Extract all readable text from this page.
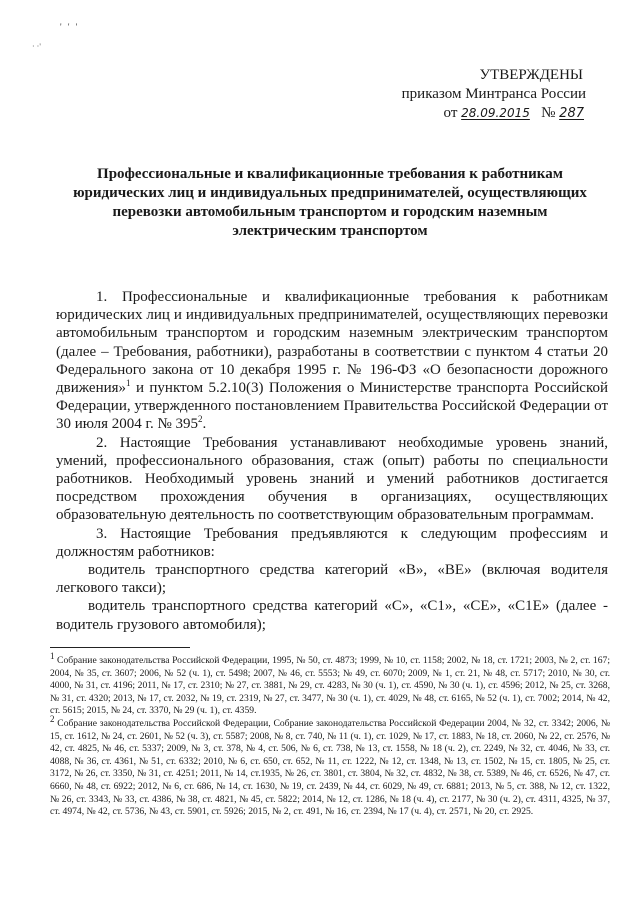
' ' '
· ·'
УТВЕРЖДЕНЫ
приказом Минтранса России
от 28.09.2015 № 287
Профессиональные и квалификационные требования к работникам юридических лиц и индивидуальных предпринимателей, осуществляющих перевозки автомобильным транспортом и городским наземным электрическим транспортом

1. Профессиональные и квалификационные требования к работникам юридических лиц и индивидуальных предпринимателей, осуществляющих перевозки автомобильным транспортом и городским наземным электрическим транспортом (далее – Требования, работники), разработаны в соответствии с пунктом 4 статьи 20 Федерального закона от 10 декабря 1995 г. № 196-ФЗ «О безопасности дорожного движения»$^1$ и пунктом 5.2.10(3) Положения о Министерстве транспорта Российской Федерации, утвержденного постановлением Правительства Российской Федерации от 30 июля 2004 г. № $395^2$.

2. Настоящие Требования устанавливают необходимые уровень знаний, умений, профессионального образования, стаж (опыт) работы по специальности работников. Необходимый уровень знаний и умений работников достигается посредством прохождения обучения в организациях, осуществляющих образовательную деятельность по соответствующим образовательным программам.

3. Настоящие Требования предъявляются к следующим профессиям и должностям работников:

водитель транспортного средства категорий «B», «BE» (включая водителя легкового такси);

водитель транспортного средства категорий «C», «C1», «CE», «C1E» (далее - водитель грузового автомобиля);

$^1$ Собрание законодательства Российской Федерации, 1995, № 50, ст. 4873; 1999, № 10, ст. 1158; 2002, № 18, ст. 1721; 2003, № 2, ст. 167; 2004, № 35, ст. 3607; 2006, № 52 (ч. 1), ст. 5498; 2007, № 46, ст. 5553; № 49, ст. 6070; 2009, № 1, ст. 21, № 48, ст. 5717; 2010, № 30, ст. 4000, № 31, ст. 4196; 2011, № 17, ст. 2310; № 27, ст. 3881, № 29, ст. 4283, № 30 (ч. 1), ст. 4590, № 30 (ч. 1), ст. 4596; 2012, № 25, ст. 3268, № 31, ст. 4320; 2013, № 17, ст. 2032, № 19, ст. 2319, № 27, ст. 3477, № 30 (ч. 1), ст. 4029, № 48, ст. 6165, № 52 (ч. 1), ст. 7002; 2014, № 42, ст. 5615; 2015, № 24, ст. 3370, № 29 (ч. 1), ст. 4359.

$^2$ Собрание законодательства Российской Федерации, Собрание законодательства Российской Федерации 2004, № 32, ст. 3342; 2006, № 15, ст. 1612, № 24, ст. 2601, № 52 (ч. 3), ст. 5587; 2008, № 8, ст. 740, № 11 (ч. 1), ст. 1029, № 17, ст. 1883, № 18, ст. 2060, № 22, ст. 2576, № 42, ст. 4825, № 46, ст. 5337; 2009, № 3, ст. 378, № 4, ст. 506, № 6, ст. 738, № 13, ст. 1558, № 18 (ч. 2), ст. 2249, № 32, ст. 4046, № 33, ст. 4088, № 36, ст. 4361, № 51, ст. 6332; 2010, № 6, ст. 650, ст. 652, № 11, ст. 1222, № 12, ст. 1348, № 13, ст. 1502, № 15, ст. 1805, № 25, ст. 3172, № 26, ст. 3350, № 31, ст. 4251; 2011, № 14, ст.1935, № 26, ст. 3801, ст. 3804, № 32, ст. 4832, № 38, ст. 5389, № 46, ст. 6526, № 47, ст. 6660, № 48, ст. 6922; 2012, № 6, ст. 686, № 14, ст. 1630, № 19, ст. 2439, № 44, ст. 6029, № 49, ст. 6881; 2013, № 5, ст. 388, № 12, ст. 1322, № 26, ст. 3343, № 33, ст. 4386, № 38, ст. 4821, № 45, ст. 5822; 2014, № 12, ст. 1286, № 18 (ч. 4), ст. 2177, № 30 (ч. 2), ст. 4311, 4325, № 37, ст. 4974, № 42, ст. 5736, № 43, ст. 5901, ст. 5926; 2015, № 2, ст. 491, № 16, ст. 2394, № 17 (ч. 4), ст. 2571, № 20, ст. 2925.
